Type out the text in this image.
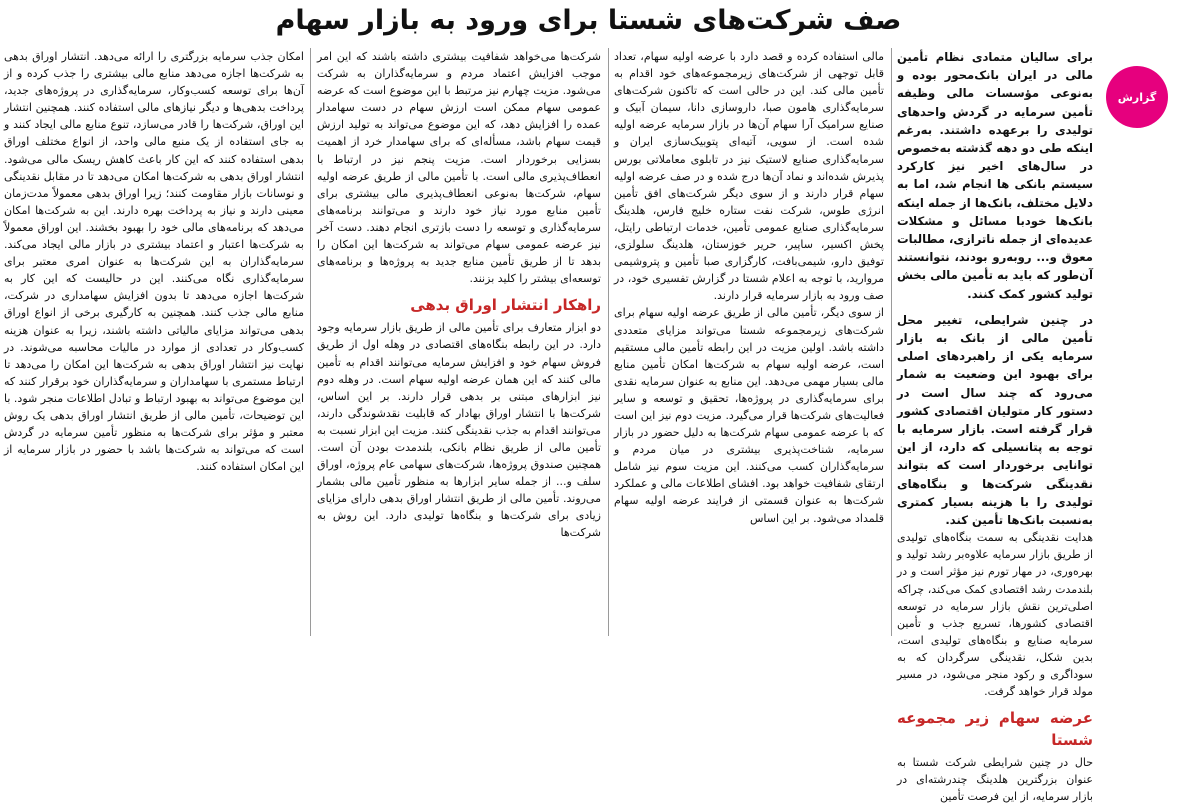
صف شرکت‌های شستا برای ورود به بازار سهام
گزارش

برای سالیان متمادی نظام تأمین مالی در ایران بانک‌محور بوده و به‌نوعی مؤسسات مالی وظیفه تأمین سرمایه در گردش واحدهای تولیدی را برعهده داشتند. به‌رغم اینکه طی دو دهه گذشته به‌خصوص در سال‌های اخیر نیز کارکرد سیستم بانکی ها انجام شد، اما به دلایل مختلف، بانک‌ها از جمله اینکه بانک‌ها خودبا مسائل و مشکلات عدیده‌ای از جمله ناترازی، مطالبات معوق و... روبه‌رو بودند، نتوانستند آن‌طور که باید به تأمین مالی بخش تولید کشور کمک کنند.

در چنین شرایطی، تغییر محل تأمین مالی از بانک به بازار سرمایه یکی از راهبردهای اصلی برای بهبود این وضعیت به شمار می‌رود که چند سال است در دستور کار متولیان اقتصادی کشور قرار گرفته است. بازار سرمایه با توجه به پتانسیلی که دارد، از این توانایی برخوردار است که بتواند نقدینگی شرکت‌ها و بنگاه‌های تولیدی را با هزینه بسیار کمتری به‌نسبت بانک‌ها تأمین کند.

هدایت نقدینگی به سمت بنگاه‌های تولیدی از طریق بازار سرمایه علاوه‌بر رشد تولید و بهره‌وری، در مهار تورم نیز مؤثر است و در بلندمدت رشد اقتصادی کمک می‌کند، چراکه اصلی‌ترین نقش بازار سرمایه در توسعه اقتصادی کشورها، تسریع جذب و تأمین سرمایه صنایع و بنگاه‌های تولیدی است، بدین شکل، نقدینگی سرگردان که به سوداگری و رکود منجر می‌شود، در مسیر مولد قرار خواهد گرفت.

عرضه سهام زیر مجموعه شستا

حال در چنین شرایطی شرکت شستا به عنوان بزرگترین هلدینگ چندرشته‌ای در بازار سرمایه، از این فرصت تأمین

مالی استفاده کرده و قصد دارد با عرضه اولیه سهام، تعداد قابل توجهی از شرکت‌های زیرمجموعه‌های خود اقدام به تأمین مالی کند. این در حالی است که تاکنون شرکت‌های سرمایه‌گذاری هامون صبا، داروسازی دانا، سیمان آبیک و صنایع سرامیک آرا سهام آن‌ها در بازار سرمایه عرضه اولیه شده است. از سویی، آتیه‌ای پتوبیک‌سازی ایران و سرمایه‌گذاری صنایع لاستیک نیز در تابلوی معاملاتی بورس پذیرش شده‌اند و نماد آن‌ها درج شده و در صف عرضه اولیه سهام قرار دارند و از سوی دیگر شرکت‌های افق تأمین انرژی طوس، شرکت نفت ستاره خلیج فارس، هلدینگ سرمایه‌گذاری صنایع عمومی تأمین، خدمات ارتباطی رایتل، پخش اکسیر، ساپیر، حریر خوزستان، هلدینگ سلولزی، توفیق دارو، شیمی‌بافت، کارگزاری صبا تأمین و پتروشیمی مروارید، با توجه به اعلام شستا در گزارش تفسیری خود، در صف ورود به بازار سرمایه قرار دارند.

از سوی دیگر، تأمین مالی از طریق عرضه اولیه سهام برای شرکت‌های زیرمجموعه شستا می‌تواند مزایای متعددی داشته باشد. اولین مزیت در این رابطه تأمین مالی مستقیم است، عرضه اولیه سهام به شرکت‌ها امکان تأمین منابع مالی بسیار مهمی می‌دهد. این منابع به عنوان سرمایه نقدی برای سرمایه‌گذاری در پروژه‌ها، تحقیق و توسعه و سایر فعالیت‌های شرکت‌ها قرار می‌گیرد. مزیت دوم نیز این است که با عرضه عمومی سهام شرکت‌ها به دلیل حضور در بازار سرمایه، شناخت‌پذیری بیشتری در میان مردم و سرمایه‌گذاران کسب می‌کنند. این مزیت سوم نیز شامل ارتقای شفافیت خواهد بود. افشای اطلاعات مالی و عملکرد شرکت‌ها به عنوان قسمتی از فرایند عرضه اولیه سهام قلمداد می‌شود. بر این اساس

شرکت‌ها می‌خواهد شفافیت بیشتری داشته باشند که این امر موجب افزایش اعتماد مردم و سرمایه‌گذاران به شرکت می‌شود. مزیت چهارم نیز مرتبط با این موضوع است که عرضه عمومی سهام ممکن است ارزش سهام در دست سهامدار عمده را افزایش دهد، که این موضوع می‌تواند به تولید ارزش قیمت سهام باشد، مسأله‌ای که برای سهامدار خرد از اهمیت بسزایی برخوردار است. مزیت پنجم نیز در ارتباط با انعطاف‌پذیری مالی است. با تأمین مالی از طریق عرضه اولیه سهام، شرکت‌ها به‌نوعی انعطاف‌پذیری مالی بیشتری برای تأمین منابع مورد نیاز خود دارند و می‌توانند برنامه‌های سرمایه‌گذاری و توسعه را دست بازتری انجام دهند. دست آخر نیز عرضه عمومی سهام می‌تواند به شرکت‌ها این امکان را بدهد تا از طریق تأمین منابع جدید به پروژه‌ها و برنامه‌های توسعه‌ای بیشتر را کلید بزنند.

راهکار انتشار اوراق بدهی

دو ابزار متعارف برای تأمین مالی از طریق بازار سرمایه وجود دارد. در این رابطه بنگاه‌های اقتصادی در وهله اول از طریق فروش سهام خود و افزایش سرمایه می‌توانند اقدام به تأمین مالی کنند که این همان عرضه اولیه سهام است. در وهله دوم نیز ابزارهای مبتنی بر بدهی قرار دارند. بر این اساس، شرکت‌ها با انتشار اوراق بهادار که قابلیت نقدشوندگی دارند، می‌توانند اقدام به جذب نقدینگی کنند. مزیت این ابزار نسبت به تأمین مالی از طریق نظام بانکی، بلندمدت بودن آن است. همچنین صندوق پروژه‌ها، شرکت‌های سهامی عام پروژه، اوراق سلف و... از جمله سایر ابزارها به منظور تأمین مالی بشمار می‌روند. تأمین مالی از طریق انتشار اوراق بدهی دارای مزایای زیادی برای شرکت‌ها و بنگاه‌ها تولیدی دارد. این روش به شرکت‌ها

امکان جذب سرمایه بزرگتری را ارائه می‌دهد. انتشار اوراق بدهی به شرکت‌ها اجازه می‌دهد منابع مالی بیشتری را جذب کرده و از آن‌ها برای توسعه کسب‌وکار، سرمایه‌گذاری در پروژه‌های جدید، پرداخت بدهی‌ها و دیگر نیازهای مالی استفاده کنند. همچنین انتشار این اوراق، شرکت‌ها را قادر می‌سازد، تنوع منابع مالی ایجاد کنند و به جای استفاده از یک منبع مالی واحد، از انواع مختلف اوراق بدهی استفاده کنند که این کار باعث کاهش ریسک مالی می‌شود. انتشار اوراق بدهی به شرکت‌ها امکان می‌دهد تا در مقابل نقدینگی و نوسانات بازار مقاومت کنند؛ زیرا اوراق بدهی معمولاً مدت‌زمان معینی دارند و نیاز به پرداخت بهره دارند. این به شرکت‌ها امکان می‌دهد که برنامه‌های مالی خود را بهبود بخشند. این اوراق معمولاً به شرکت‌ها اعتبار و اعتماد بیشتری در بازار مالی ایجاد می‌کند. سرمایه‌گذاران به این شرکت‌ها به عنوان امری معتبر برای سرمایه‌گذاری نگاه می‌کنند. این در حالیست که این کار به شرکت‌ها اجازه می‌دهد تا بدون افزایش سهامداری در شرکت، منابع مالی جذب کنند. همچنین به کارگیری برخی از انواع اوراق بدهی می‌تواند مزایای مالیاتی داشته باشند، زیرا به عنوان هزینه کسب‌وکار در تعدادی از موارد در مالیات محاسبه می‌شوند. در نهایت نیز انتشار اوراق بدهی به شرکت‌ها این امکان را می‌دهد تا ارتباط مستمری با سهامداران و سرمایه‌گذاران خود برقرار کنند که این موضوع می‌تواند به بهبود ارتباط و تبادل اطلاعات منجر شود. با این توضیحات، تأمین مالی از طریق انتشار اوراق بدهی یک روش معتبر و مؤثر برای شرکت‌ها به منظور تأمین سرمایه در گردش است که می‌تواند به شرکت‌ها باشد با حضور در بازار سرمایه از این امکان استفاده کنند.
